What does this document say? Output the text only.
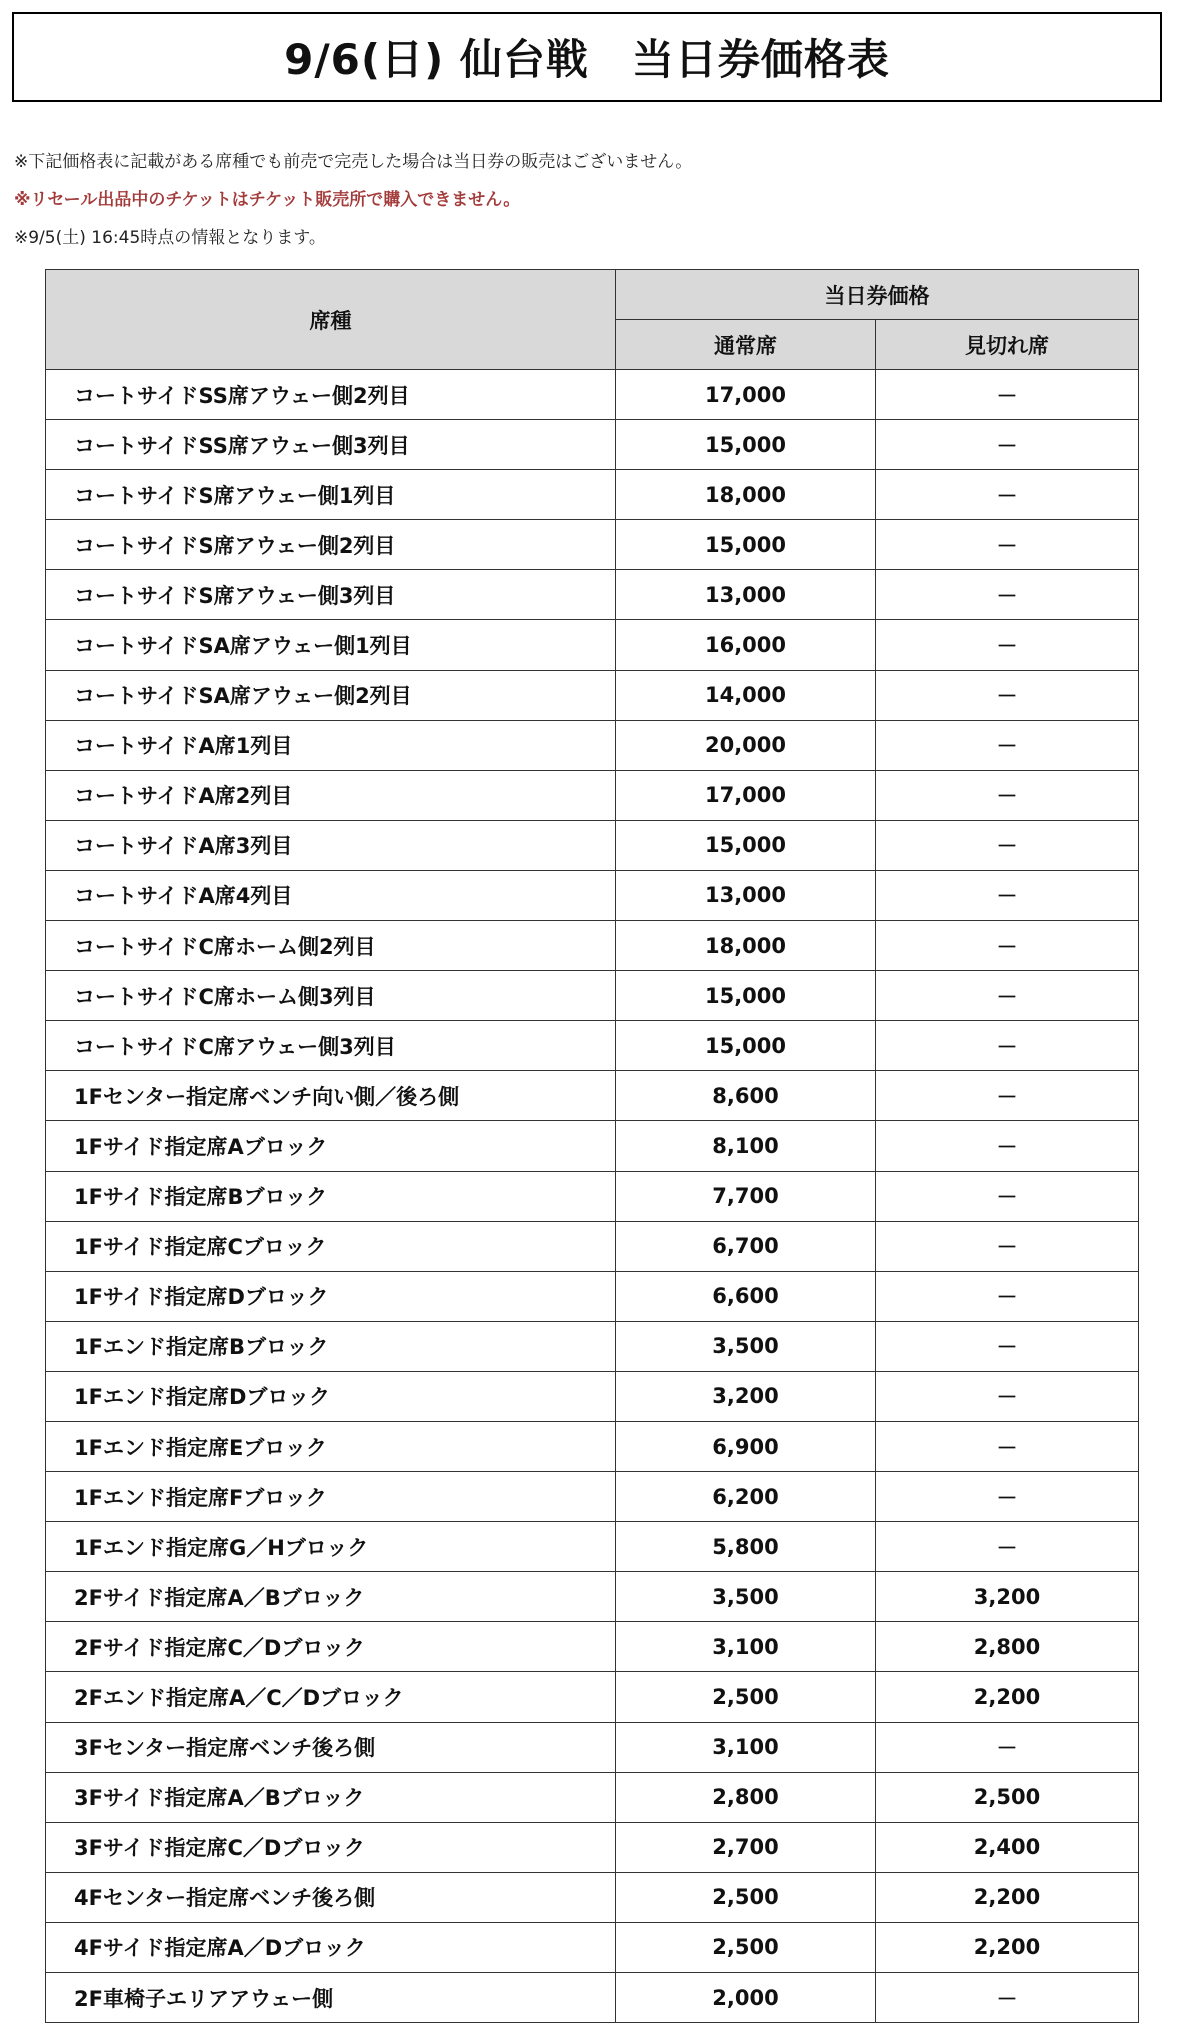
9/6(日) 仙台戦　当日券価格表
※下記価格表に記載がある席種でも前売で完売した場合は当日券の販売はございません。
※リセール出品中のチケットはチケット販売所で購入できません。
※9/5(土) 16:45時点の情報となります。
席種	当日券価格	
	通常席	見切れ席
コートサイドSS席アウェー側2列目	17,000	－
コートサイドSS席アウェー側3列目	15,000	－
コートサイドS席アウェー側1列目	18,000	－
コートサイドS席アウェー側2列目	15,000	－
コートサイドS席アウェー側3列目	13,000	－
コートサイドSA席アウェー側1列目	16,000	－
コートサイドSA席アウェー側2列目	14,000	－
コートサイドA席1列目	20,000	－
コートサイドA席2列目	17,000	－
コートサイドA席3列目	15,000	－
コートサイドA席4列目	13,000	－
コートサイドC席ホーム側2列目	18,000	－
コートサイドC席ホーム側3列目	15,000	－
コートサイドC席アウェー側3列目	15,000	－
1Fセンター指定席ベンチ向い側／後ろ側	8,600	－
1Fサイド指定席Aブロック	8,100	－
1Fサイド指定席Bブロック	7,700	－
1Fサイド指定席Cブロック	6,700	－
1Fサイド指定席Dブロック	6,600	－
1Fエンド指定席Bブロック	3,500	－
1Fエンド指定席Dブロック	3,200	－
1Fエンド指定席Eブロック	6,900	－
1Fエンド指定席Fブロック	6,200	－
1Fエンド指定席G／Hブロック	5,800	－
2Fサイド指定席A／Bブロック	3,500	3,200
2Fサイド指定席C／Dブロック	3,100	2,800
2Fエンド指定席A／C／Dブロック	2,500	2,200
3Fセンター指定席ベンチ後ろ側	3,100	－
3Fサイド指定席A／Bブロック	2,800	2,500
3Fサイド指定席C／Dブロック	2,700	2,400
4Fセンター指定席ベンチ後ろ側	2,500	2,200
4Fサイド指定席A／Dブロック	2,500	2,200
2F車椅子エリアアウェー側	2,000	－
